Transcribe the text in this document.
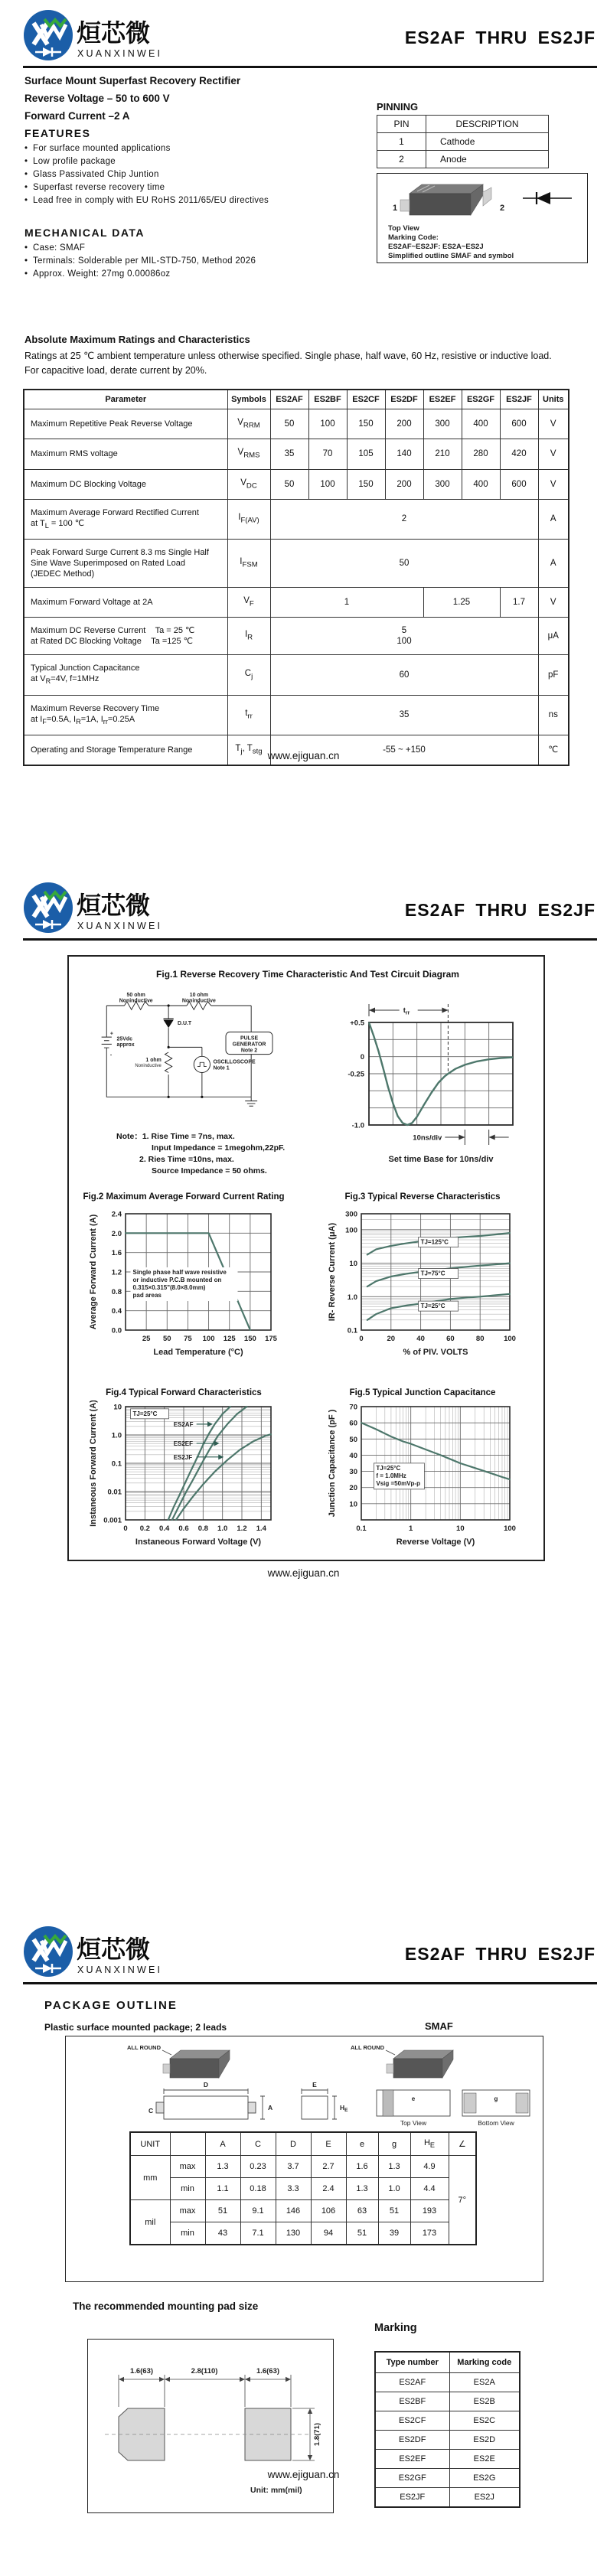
烜芯微
XUANXINWEI
ES2AF THRU ES2JF
Surface Mount Superfast Recovery Rectifier
Reverse Voltage – 50 to 600 V
Forward Current –2 A
FEATURES
• For surface mounted applications
• Low profile package
• Glass Passivated Chip Juntion
• Superfast reverse recovery time
• Lead free in comply with EU RoHS 2011/65/EU directives
MECHANICAL DATA
• Case: SMAF
• Terminals: Solderable per MIL-STD-750, Method 2026
• Approx. Weight: 27mg 0.00086oz
PINNING
PIN	DESCRIPTION
1	Cathode
2	Anode
1	2
Top View
Marking Code:
ES2AF~ES2JF: ES2A~ES2J
Simplified outline SMAF and symbol
Absolute Maximum Ratings and Characteristics
Ratings at 25 ℃ ambient temperature unless otherwise specified. Single phase, half wave, 60 Hz, resistive or inductive load.
For capacitive load, derate current by 20%.
Parameter	Symbols	ES2AF	ES2BF	ES2CF	ES2DF	ES2EF	ES2GF	ES2JF	Units
Maximum Repetitive Peak Reverse Voltage	$V_{RRM}$	50	100	150	200	300	400	600	V
Maximum RMS voltage	$V_{RMS}$	35	70	105	140	210	280	420	V
Maximum DC Blocking Voltage	$V_{DC}$	50	100	150	200	300	400	600	V
Maximum Average Forward Rectified Current
at $T_L = 100$ ℃	$I_{F(AV)}$	2							A
Peak Forward Surge Current 8.3 ms Single Half
Sine Wave Superimposed on Rated Load
(JEDEC Method)	$I_{FSM}$	50							A
Maximum Forward Voltage at 2A	$V_F$	1				1.25		1.7	V
Maximum DC Reverse Current    Ta = 25 ℃
at Rated DC Blocking Voltage    Ta =125 ℃	$I_R$	5
100							μA
Typical Junction Capacitance
at $V_R=4V$, f=1MHz	$C_j$	60							pF
Maximum Reverse Recovery Time
at $I_F=0.5A$, $I_R=1A$, $I_{rr}=0.25A$	$t_{rr}$	35							ns
Operating and Storage Temperature Range	$T_j$, $T_{stg}$	-55 ~ +150							℃
www.ejiguan.cn
烜芯微
XUANXINWEI
ES2AF THRU ES2JF
Fig.1 Reverse Recovery Time Characteristic And Test Circuit Diagram
50 ohm
Noninductive
10 ohm
Noninductive
D.U.T
+
-
25Vdc
approx
1 ohm
Noninductive
OSCILLOSCOPE
Note 1
PULSE
GENERATOR
Note 2
Note：1. Rise Time = 7ns, max.
Input Impedance = 1megohm,22pF.
2. Ries Time =10ns, max.
Source Impedance = 50 ohms.
+0.5
0
-0.25
-1.0
$t_{rr}$
10ns/div
Set time Base for 10ns/div
Fig.2 Maximum Average Forward Current Rating	Fig.3 Typical Reverse Characteristics
25 50 75 100 125 150 175
0.0
0.4
0.8
1.2
1.6
2.0
2.4
Lead Temperature (°C)
Average Forward Current (A)	Single phase half wave resistive
or inductive P.C.B mounted on
0.315×0.315"(8.0×8.0mm)
pad areas
0	20	40	60	80	100
0.1
1.0
10
100
300
% of PIV. VOLTS
IR- Reverse Current (μA)	TJ=125°C
TJ=75°C
TJ=25°C
Fig.4 Typical Forward Characteristics	Fig.5 Typical Junction Capacitance
0 0.2 0.4 0.6 0.8 1.0 1.2 1.4
0.001
0.01
0.1
1.0
10
Instaneous Forward Voltage (V)
Instaneous Forward Current (A)	TJ=25°C
ES2AF
ES2EF
ES2JF
0.1	1	10	100
10
20
30
40
50
60
70
Reverse Voltage (V)
Junction Capacitance (pF )	TJ=25°C
f = 1.0MHz
Vsig =50mVp-p
www.ejiguan.cn
烜芯微
XUANXINWEI
ES2AF THRU ES2JF
PACKAGE OUTLINE
Plastic surface mounted package; 2 leads	SMAF
ALL ROUND	ALL ROUND
D
A
C
E
$H_E$
e
Top View
g
Bottom View
UNIT		A	C	D	E	e	g	$H_E$	∠
mm	max	1.3	0.23	3.7	2.7	1.6	1.3	4.9	7°
	min	1.1	0.18	3.3	2.4	1.3	1.0	4.4	
mil	max	51	9.1	146	106	63	51	193	
	min	43	7.1	130	94	51	39	173	
The recommended mounting pad size
Marking
1.6(63)	2.8(110)	1.6(63)
1.8(71)
Unit: mm(mil)
Type number	Marking code
ES2AF	ES2A
ES2BF	ES2B
ES2CF	ES2C
ES2DF	ES2D
ES2EF	ES2E
ES2GF	ES2G
ES2JF	ES2J
www.ejiguan.cn
